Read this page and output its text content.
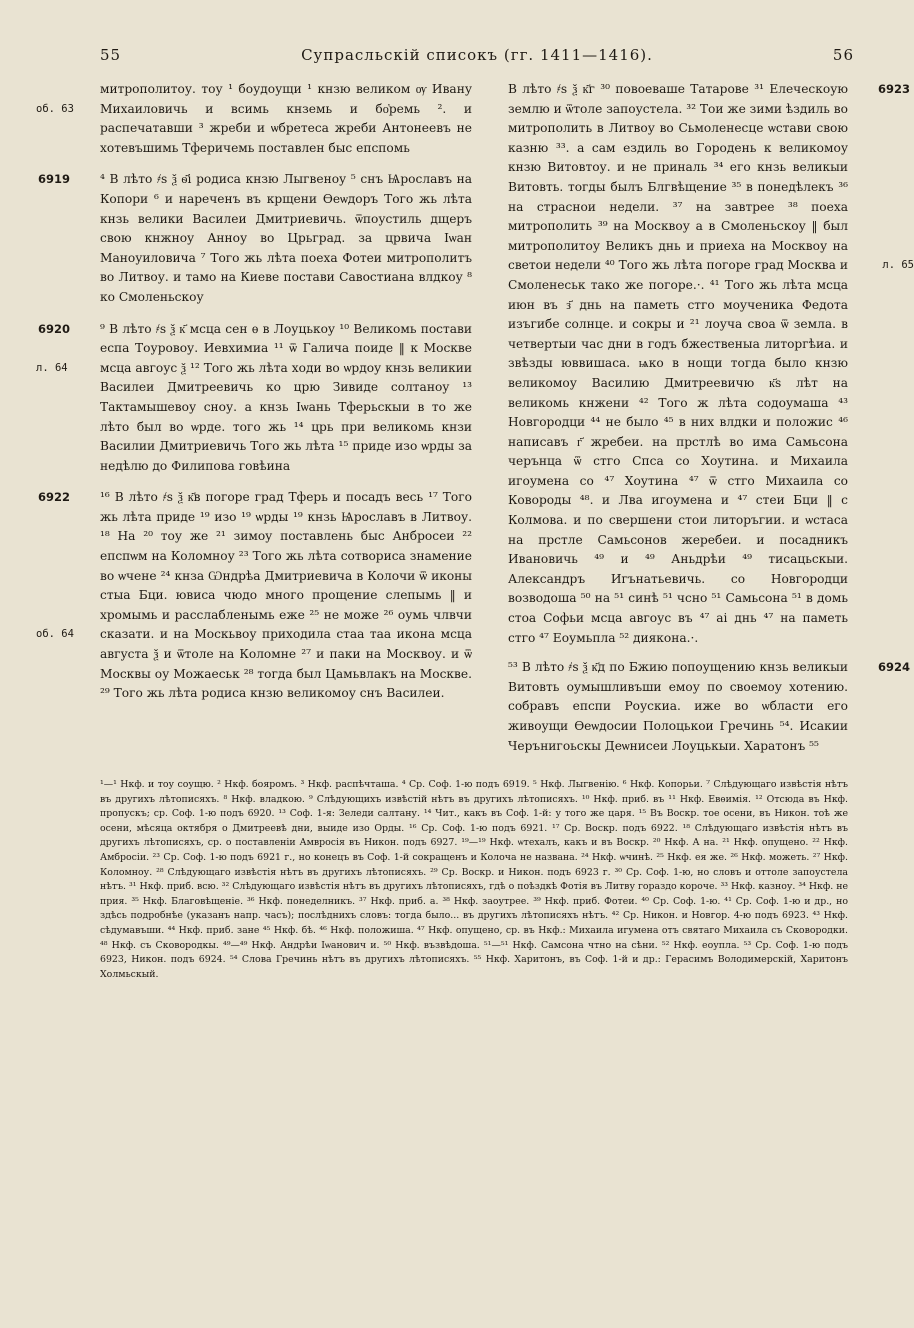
55	Супрасльскій списокъ (гг. 1411—1416).	56
об. 63
митрополитоу. тоу ¹ боудоущи ¹ кнзю великом ѹ Ивану Михаиловичь и всимь кнземь и бо҆ремь ². и распечатавши ³ жреби и ѡбретеса жреби Антонеевъ не хотевъшимь Тферичемь поставлен быс епспомь
6919 ⁴ В лѣто ҂ѕ ѯ ѳ҃і родиса кнзю Лыгвеноу ⁵ снъ Ѩрославъ на Копори ⁶ и нареченъ въ крщени Ѳеѡдоръ Того жь лѣта кнзь велики Василеи Дмитриевичь. ѿпоустиль дщеръ свою кнжноу Анноу во Црьград. за црвича Іѡан Маноуиловича ⁷ Того жь лѣта поеха Фотеи митрополитъ во Литвоу. и тамо на Киеве постави Савостиана влдкоу ⁸ ко Смоленьскоу
6920
л. 64
⁹ В лѣто ҂ѕ ѯ к҃ мсца сен ѳ в Лоуцькоу ¹⁰ Великомь постави еспа Тоуровоу. Иевхимиа ¹¹ ѿ Галича поиде ‖ к Москве мсца авгоус ѯ ¹² Того жь лѣта ходи во ѡрдоу кнзь великии Василеи Дмитреевичь ко црю Зивиде солтаноу ¹³ Тактамышевоу сноу. а кнзь Іѡань Тферьскыи в то же лѣто был во ѡрде. того жь ¹⁴ црь при великомь кнзи Василии Дмитриевичь Того жь лѣта ¹⁵ приде изо ѡрды за недѣлю до Филипова говѣина
6922
об. 64
¹⁶ В лѣто ҂ѕ ѯ к҃в погоре град Тферь и посадъ весь ¹⁷ Того жь лѣта приде ¹⁹ изо ¹⁹ ѡрды ¹⁹ кнзь Ѩрославъ в Литвоу. ¹⁸ На ²⁰ тоу же ²¹ зимоу поставлень быс Анбросеи ²² епспѡм на Коломноу ²³ Того жь лѣта сотвориса знамение во ѡчене ²⁴ кнза Ѡндрѣа Дмитриевича в Колочи ѿ иконы стыа Бци. ювиса чюдо много прощение слепымь ‖ и хромымь и расслабленымь еже ²⁵ не може ²⁶ оумь члвчи сказати. и на Москьвоу приходила стаа таа икона мсца августа ѯ и ѿтоле на Коломне ²⁷ и паки на Москвоу. и ѿ Москвы оу Можаеськ ²⁸ тогда был Цамьвлакъ на Москве. ²⁹ Того жь лѣта родиса кнзю великомоу снъ Василеи.
6923
л. 65
В лѣто ҂ѕ ѯ к҃г ³⁰ повоеваше Татарове ³¹ Елеческоую землю и ѿтоле запоустела. ³² Тои же зими ѣздиль во митрополить в Литвоу во Сьмоленесце ѡстави свою казню ³³. а сам ездиль во Городень к великомоу кнзю Витовтоу. и не приналь ³⁴ его кнзь великыи Витовть. тогды былъ Блгвѣщение ³⁵ в понедѣлекъ ³⁶ на страснои недели. ³⁷ на завтрее ³⁸ поеха митрополить ³⁹ на Москвоу а в Смоленьскоу ‖ был митрополитоу Великъ днь и приеха на Москвоу на светои недели ⁴⁰ Того жь лѣта погоре град Москва и Смоленеськ тако же погоре.·. ⁴¹ Того жь лѣта мсца июн въ з҃ днь на паметь стго моученика Федота изъгибе солнце. и сокры и ²¹ лоуча своа ѿ земла. в четвертыи час дни в годъ бжественыа литоргѣиа. и звѣзды юввишаса. ѩко в нощи тогда было кнзю великомоу Василию Дмитреевичю к҃ѕ лѣт на великомь кнжени ⁴² Того ж лѣта содоумаша ⁴³ Новгородци ⁴⁴ не было ⁴⁵ в них влдки и положис ⁴⁶ написавъ г҃ жребеи. на прстлѣ во има Самьсона черънца ѿ стго Спса со Хоутина. и Михаила игоумена со ⁴⁷ Хоутина ⁴⁷ ѿ стго Михаила со Ковороды ⁴⁸. и Лва игоумена и ⁴⁷ стеи Бци ‖ с Колмова. и по свершени стои литоръгии. и ѡстаса на прстле Самьсонов жеребеи. и посадникъ Ивановичь ⁴⁹ и ⁴⁹ Аньдрѣи ⁴⁹ тисацьскыи. Александръ Игънатьевичь. со Новгородци возводоша ⁵⁰ на ⁵¹ синѣ ⁵¹ чсно ⁵¹ Самьсона ⁵¹ в домь стоа Софьи мсца авгоус въ ⁴⁷ аі днь ⁴⁷ на паметь стго ⁴⁷ Еоумьпла ⁵² дияконa.·.
6924
⁵³ В лѣто ҂ѕ ѯ к҃д по Бжию попоущению кнзь великыи Витовть оумышливъши емоу по своемоу хотению. собравъ епспи Роускиа. иже во ѡбласти его живоущи Ѳеѡдосии Полоцькои Гречинь ⁵⁴. Исакии Черънигоьскы Деѡнисеи Лоуцькыи. Харатонъ ⁵⁵

¹—¹ Нкф. и тоу соущю. ² Нкф. бояромъ. ³ Нкф. распѣчташа. ⁴ Ср. Соф. 1-ю подъ 6919. ⁵ Нкф. Лыгвенію. ⁶ Нкф. Копорьи. ⁷ Слѣдующаго извѣстія нѣтъ въ другихъ лѣтописяхъ. ⁸ Нкф. владкою. ⁹ Слѣдующихъ извѣстій нѣтъ въ другихъ лѣтописяхъ. ¹⁰ Нкф. приб. въ ¹¹ Нкф. Евѳимія. ¹² Отсюда въ Нкф. пропускъ; ср. Соф. 1-ю подъ 6920. ¹³ Соф. 1-я: Зеледи салтану. ¹⁴ Чит., какъ въ Соф. 1-й: у того же царя. ¹⁵ Въ Воскр. тое осени, въ Никон. тоѣ же осени, мѣсяца октября о Дмитреевѣ дни, выиде изо Орды. ¹⁶ Ср. Соф. 1-ю подъ 6921. ¹⁷ Ср. Воскр. подъ 6922. ¹⁸ Слѣдующаго извѣстія нѣтъ въ другихъ лѣтописяхъ, ср. о поставленіи Амвросія въ Никон. подъ 6927. ¹⁹—¹⁹ Нкф. ѡтехалъ, какъ и въ Воскр. ²⁰ Нкф. А на. ²¹ Нкф. опущено. ²² Нкф. Амбросіи. ²³ Ср. Соф. 1-ю подъ 6921 г., но конецъ въ Соф. 1-й сокращенъ и Колоча не названа. ²⁴ Нкф. ѡчинѣ. ²⁵ Нкф. ея же. ²⁶ Нкф. можеть. ²⁷ Нкф. Коломноу. ²⁸ Слѣдующаго извѣстія нѣтъ въ другихъ лѣтописяхъ. ²⁹ Ср. Воскр. и Никон. подъ 6923 г. ³⁰ Ср. Соф. 1-ю, но словъ и оттоле запоустела нѣтъ. ³¹ Нкф. приб. всю. ³² Слѣдующаго извѣстія нѣтъ въ другихъ лѣтописяхъ, гдѣ о поѣздкѣ Фотія въ Литву гораздо короче. ³³ Нкф. казноу. ³⁴ Нкф. не прия. ³⁵ Нкф. Благовѣщеніе. ³⁶ Нкф. понеделникъ. ³⁷ Нкф. приб. а. ³⁸ Нкф. заоутрее. ³⁹ Нкф. приб. Фотеи. ⁴⁰ Ср. Соф. 1-ю. ⁴¹ Ср. Соф. 1-ю и др., но здѣсь подробнѣе (указанъ напр. часъ); послѣднихъ словъ: тогда было... въ другихъ лѣтописяхъ нѣтъ. ⁴² Ср. Никон. и Новгор. 4-ю подъ 6923. ⁴³ Нкф. сѣдумавъши. ⁴⁴ Нкф. приб. зане ⁴⁵ Нкф. бѣ. ⁴⁶ Нкф. положиша. ⁴⁷ Нкф. опущено, ср. въ Нкф.: Михаила игумена отъ святаго Михаила съ Сковородки. ⁴⁸ Нкф. съ Сковородкы. ⁴⁹—⁴⁹ Нкф. Андрѣи Іѡанович и. ⁵⁰ Нкф. възвѣдоша. ⁵¹—⁵¹ Нкф. Самсона чтно на сѣни. ⁵² Нкф. еоупла. ⁵³ Ср. Соф. 1-ю подъ 6923, Никон. подъ 6924. ⁵⁴ Слова Гречинь нѣтъ въ другихъ лѣтописяхъ. ⁵⁵ Нкф. Харитонъ, въ Соф. 1-й и др.: Герасимъ Володимерскій, Харитонъ Холмьскый.
